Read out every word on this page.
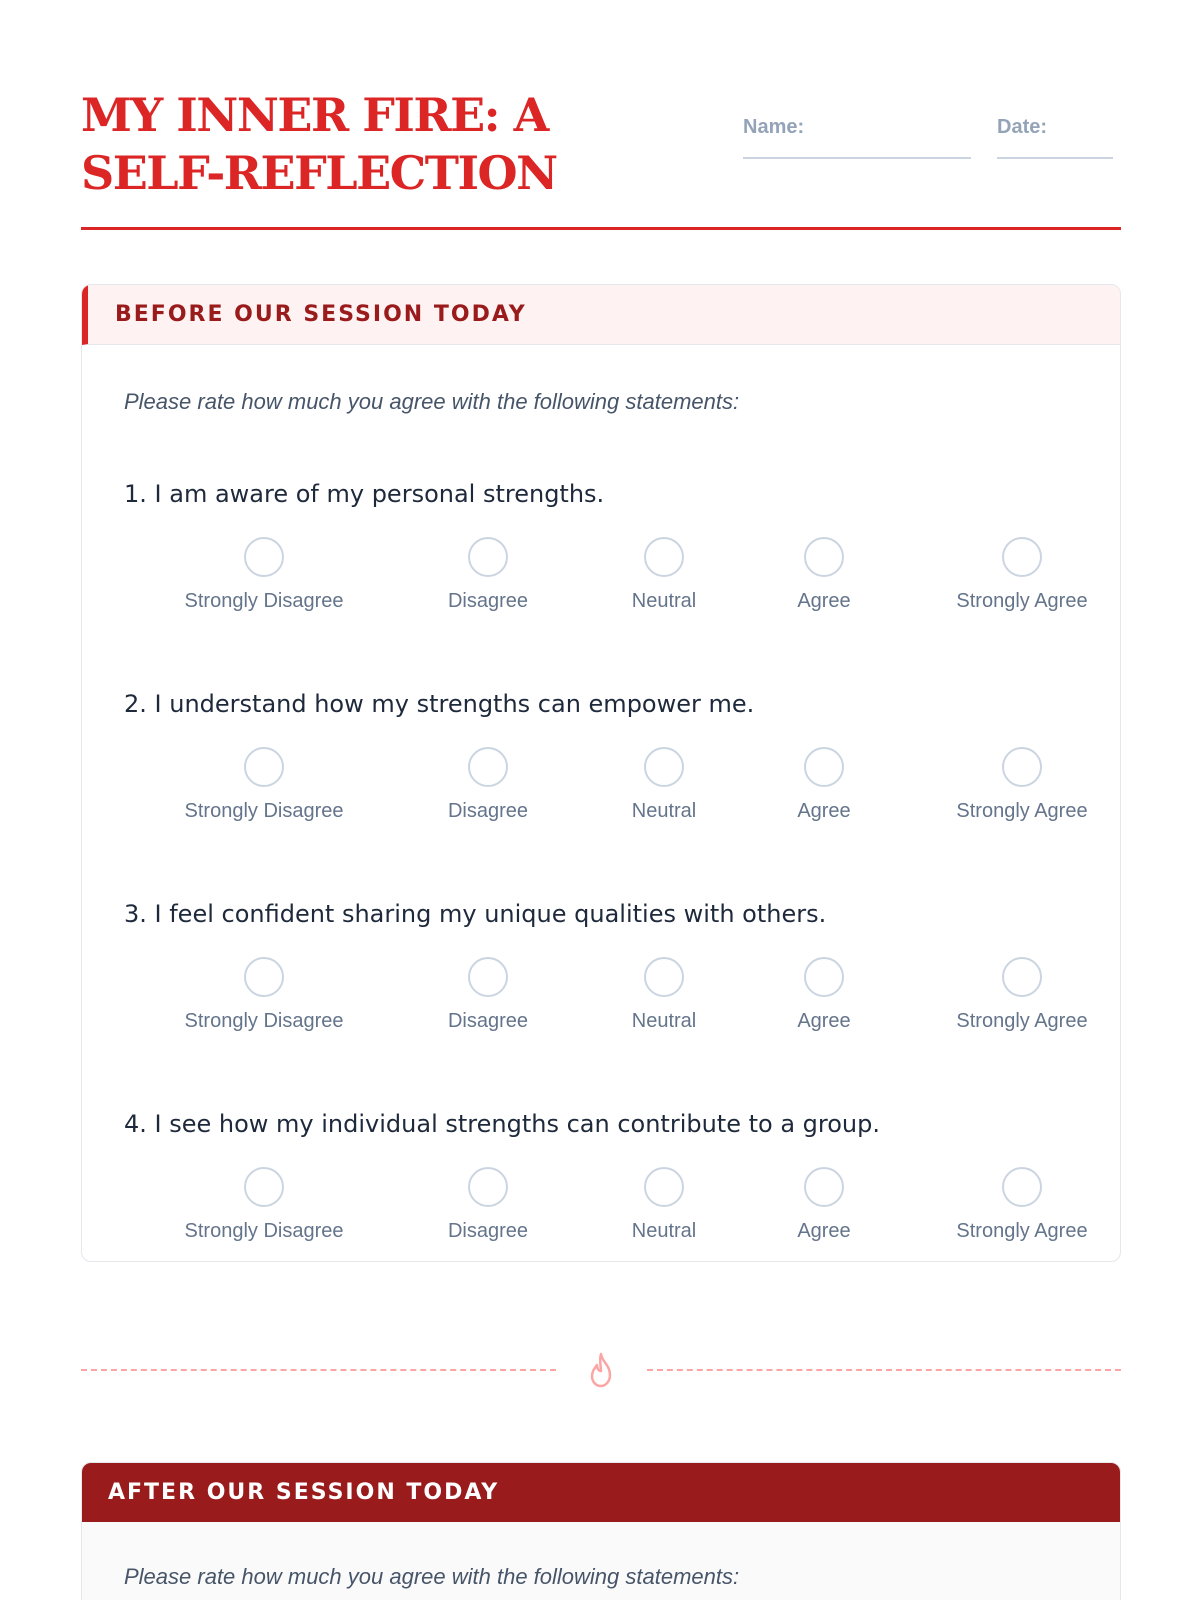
MY INNER FIRE: A SELF-REFLECTION
Name:	Date:
BEFORE OUR SESSION TODAY

Please rate how much you agree with the following statements:

1. I am aware of my personal strengths.
Strongly Disagree	Disagree	Neutral	Agree	Strongly Agree
2. I understand how my strengths can empower me.
Strongly Disagree	Disagree	Neutral	Agree	Strongly Agree
3. I feel confident sharing my unique qualities with others.
Strongly Disagree	Disagree	Neutral	Agree	Strongly Agree
4. I see how my individual strengths can contribute to a group.
Strongly Disagree	Disagree	Neutral	Agree	Strongly Agree
AFTER OUR SESSION TODAY

Please rate how much you agree with the following statements:
